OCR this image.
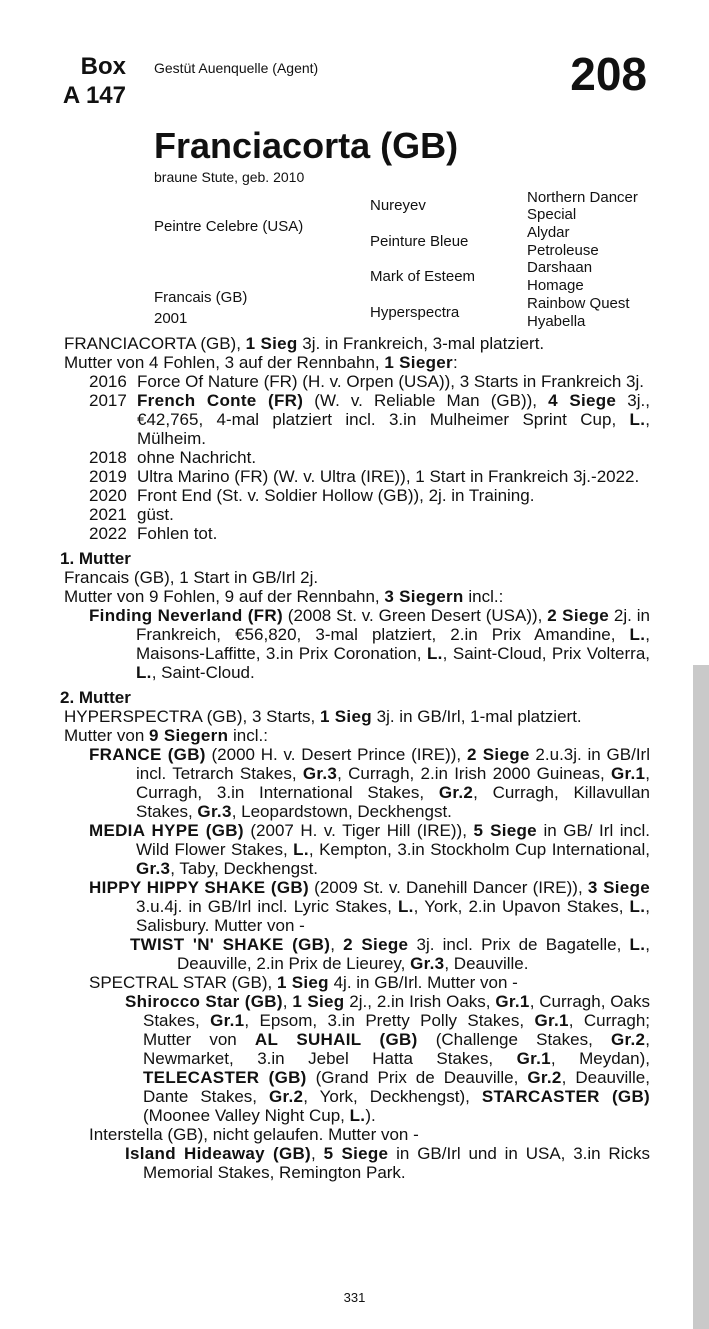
Box
A 147
Gestüt Auenquelle (Agent)	208
Franciacorta (GB)
braune Stute, geb. 2010
Peintre Celebre (USA)
Francais (GB)
2001
Nureyev
Peinture Bleue
Mark of Esteem
Hyperspectra
Northern Dancer
Special
Alydar
Petroleuse
Darshaan
Homage
Rainbow Quest
Hyabella

FRANCIACORTA (GB), 1 Sieg 3j. in Frankreich, 3-mal platziert.

Mutter von 4 Fohlen, 3 auf der Rennbahn, 1 Sieger:

2016 Force Of Nature (FR) (H. v. Orpen (USA)), 3 Starts in Frankreich 3j.
2017 French Conte (FR) (W. v. Reliable Man (GB)), 4 Siege 3j., €42,765, 4-mal platziert incl. 3.in Mulheimer Sprint Cup, L., Mülheim.
2018 ohne Nachricht.
2019 Ultra Marino (FR) (W. v. Ultra (IRE)), 1 Start in Frankreich 3j.-2022.
2020 Front End (St. v. Soldier Hollow (GB)), 2j. in Training.
2021 güst.
2022 Fohlen tot.
1. Mutter

Francais (GB), 1 Start in GB/Irl 2j.

Mutter von 9 Fohlen, 9 auf der Rennbahn, 3 Siegern incl.:

Finding Neverland (FR) (2008 St. v. Green Desert (USA)), 2 Siege 2j. in Frankreich, €56,820, 3-mal platziert, 2.in Prix Amandine, L., Maisons-Laffitte, 3.in Prix Coronation, L., Saint-Cloud, Prix Volterra, L., Saint-Cloud.

2. Mutter

HYPERSPECTRA (GB), 3 Starts, 1 Sieg 3j. in GB/Irl, 1-mal platziert.

Mutter von 9 Siegern incl.:

FRANCE (GB) (2000 H. v. Desert Prince (IRE)), 2 Siege 2.u.3j. in GB/Irl incl. Tetrarch Stakes, Gr.3, Curragh, 2.in Irish 2000 Guineas, Gr.1, Curragh, 3.in International Stakes, Gr.2, Curragh, Killavullan Stakes, Gr.3, Leopardstown, Deckhengst.

MEDIA HYPE (GB) (2007 H. v. Tiger Hill (IRE)), 5 Siege in GB/ Irl incl. Wild Flower Stakes, L., Kempton, 3.in Stockholm Cup International, Gr.3, Taby, Deckhengst.

HIPPY HIPPY SHAKE (GB) (2009 St. v. Danehill Dancer (IRE)), 3 Siege 3.u.4j. in GB/Irl incl. Lyric Stakes, L., York, 2.in Upavon Stakes, L., Salisbury. Mutter von -

TWIST 'N' SHAKE (GB), 2 Siege 3j. incl. Prix de Bagatelle, L., Deauville, 2.in Prix de Lieurey, Gr.3, Deauville.

SPECTRAL STAR (GB), 1 Sieg 4j. in GB/Irl. Mutter von -

Shirocco Star (GB), 1 Sieg 2j., 2.in Irish Oaks, Gr.1, Curragh, Oaks Stakes, Gr.1, Epsom, 3.in Pretty Polly Stakes, Gr.1, Curragh; Mutter von AL SUHAIL (GB) (Challenge Stakes, Gr.2, Newmarket, 3.in Jebel Hatta Stakes, Gr.1, Meydan), TELECASTER (GB) (Grand Prix de Deauville, Gr.2, Deauville, Dante Stakes, Gr.2, York, Deckhengst), STARCASTER (GB) (Moonee Valley Night Cup, L.).

Interstella (GB), nicht gelaufen. Mutter von -

Island Hideaway (GB), 5 Siege in GB/Irl und in USA, 3.in Ricks Memorial Stakes, Remington Park.

331
